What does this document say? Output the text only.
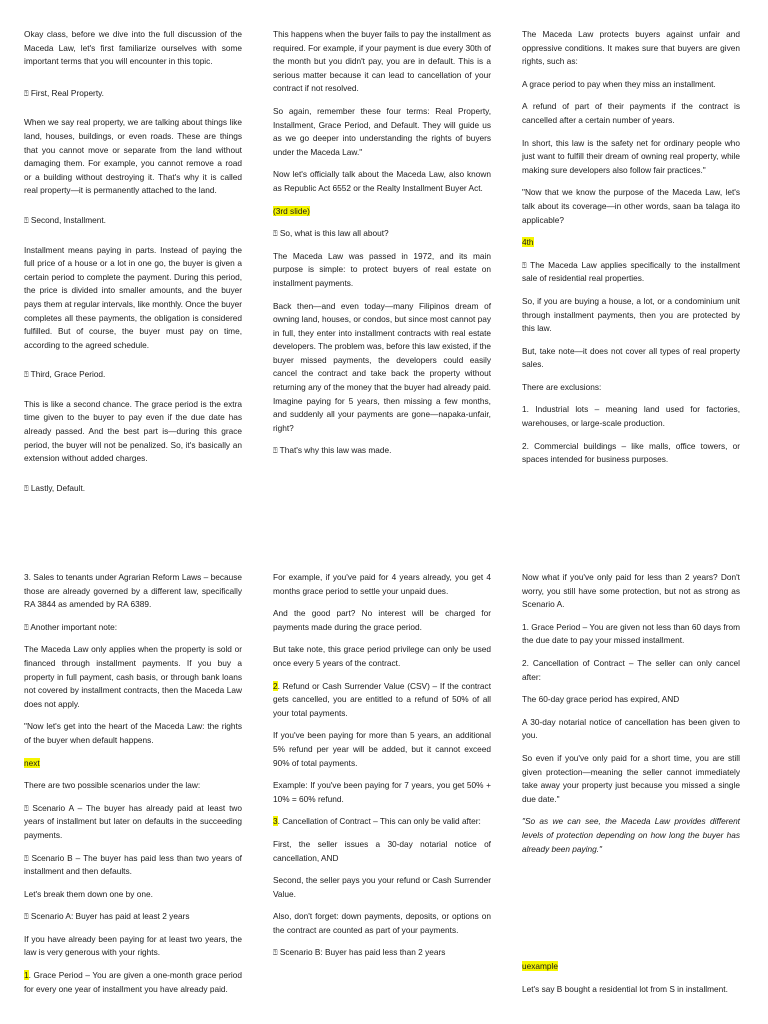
Okay class, before we dive into the full discussion of the Maceda Law, let's first familiarize ourselves with some important terms that you will encounter in this topic.

⍰ First, Real Property.

When we say real property, we are talking about things like land, houses, buildings, or even roads. These are things that you cannot move or separate from the land without damaging them. For example, you cannot remove a road or a building without destroying it. That's why it is called real property—it is permanently attached to the land.

⍰ Second, Installment.

Installment means paying in parts. Instead of paying the full price of a house or a lot in one go, the buyer is given a certain period to complete the payment. During this period, the price is divided into smaller amounts, and the buyer pays them at regular intervals, like monthly. Once the buyer completes all these payments, the obligation is considered fulfilled. But of course, the buyer must pay on time, according to the agreed schedule.

⍰ Third, Grace Period.

This is like a second chance. The grace period is the extra time given to the buyer to pay even if the due date has already passed. And the best part is—during this grace period, the buyer will not be penalized. So, it's basically an extension without added charges.

⍰ Lastly, Default.

This happens when the buyer fails to pay the installment as required. For example, if your payment is due every 30th of the month but you didn't pay, you are in default. This is a serious matter because it can lead to cancellation of your contract if not resolved.

So again, remember these four terms: Real Property, Installment, Grace Period, and Default. They will guide us as we go deeper into understanding the rights of buyers under the Maceda Law."

Now let's officially talk about the Maceda Law, also known as Republic Act 6552 or the Realty Installment Buyer Act.

(3rd slide)

⍰ So, what is this law all about?

The Maceda Law was passed in 1972, and its main purpose is simple: to protect buyers of real estate on installment payments.

Back then—and even today—many Filipinos dream of owning land, houses, or condos, but since most cannot pay in full, they enter into installment contracts with real estate developers. The problem was, before this law existed, if the buyer missed payments, the developers could easily cancel the contract and take back the property without returning any of the money that the buyer had already paid. Imagine paying for 5 years, then missing a few months, and suddenly all your payments are gone—napaka-unfair, right?

⍰ That's why this law was made.

The Maceda Law protects buyers against unfair and oppressive conditions. It makes sure that buyers are given rights, such as:

A grace period to pay when they miss an installment.

A refund of part of their payments if the contract is cancelled after a certain number of years.

In short, this law is the safety net for ordinary people who just want to fulfill their dream of owning real property, while making sure developers also follow fair practices."

"Now that we know the purpose of the Maceda Law, let's talk about its coverage—in other words, saan ba talaga ito applicable?

4th

⍰ The Maceda Law applies specifically to the installment sale of residential real properties.

So, if you are buying a house, a lot, or a condominium unit through installment payments, then you are protected by this law.

But, take note—it does not cover all types of real property sales.

There are exclusions:

1. Industrial lots – meaning land used for factories, warehouses, or large-scale production.

2. Commercial buildings – like malls, office towers, or spaces intended for business purposes.

3. Sales to tenants under Agrarian Reform Laws – because those are already governed by a different law, specifically RA 3844 as amended by RA 6389.

⍰ Another important note:

The Maceda Law only applies when the property is sold or financed through installment payments. If you buy a property in full payment, cash basis, or through bank loans not covered by installment contracts, then the Maceda Law does not apply.

"Now let's get into the heart of the Maceda Law: the rights of the buyer when default happens.

next

There are two possible scenarios under the law:

⍰ Scenario A – The buyer has already paid at least two years of installment but later on defaults in the succeeding payments.

⍰ Scenario B – The buyer has paid less than two years of installment and then defaults.

Let's break them down one by one.

⍰ Scenario A: Buyer has paid at least 2 years

If you have already been paying for at least two years, the law is very generous with your rights.

1. Grace Period – You are given a one-month grace period for every one year of installment you have already paid.

For example, if you've paid for 4 years already, you get 4 months grace period to settle your unpaid dues.

And the good part? No interest will be charged for payments made during the grace period.

But take note, this grace period privilege can only be used once every 5 years of the contract.

2. Refund or Cash Surrender Value (CSV) – If the contract gets cancelled, you are entitled to a refund of 50% of all your total payments.

If you've been paying for more than 5 years, an additional 5% refund per year will be added, but it cannot exceed 90% of total payments.

Example: If you've been paying for 7 years, you get 50% + 10% = 60% refund.

3. Cancellation of Contract – This can only be valid after:

First, the seller issues a 30-day notarial notice of cancellation, AND

Second, the seller pays you your refund or Cash Surrender Value.

Also, don't forget: down payments, deposits, or options on the contract are counted as part of your payments.

⍰ Scenario B: Buyer has paid less than 2 years

Now what if you've only paid for less than 2 years? Don't worry, you still have some protection, but not as strong as Scenario A.

1. Grace Period – You are given not less than 60 days from the due date to pay your missed installment.

2. Cancellation of Contract – The seller can only cancel after:

The 60-day grace period has expired, AND

A 30-day notarial notice of cancellation has been given to you.

So even if you've only paid for a short time, you are still given protection—meaning the seller cannot immediately take away your property just because you missed a single due date."

"So as we can see, the Maceda Law provides different levels of protection depending on how long the buyer has already been paying."

uexample

Let's say B bought a residential lot from S in installment.
